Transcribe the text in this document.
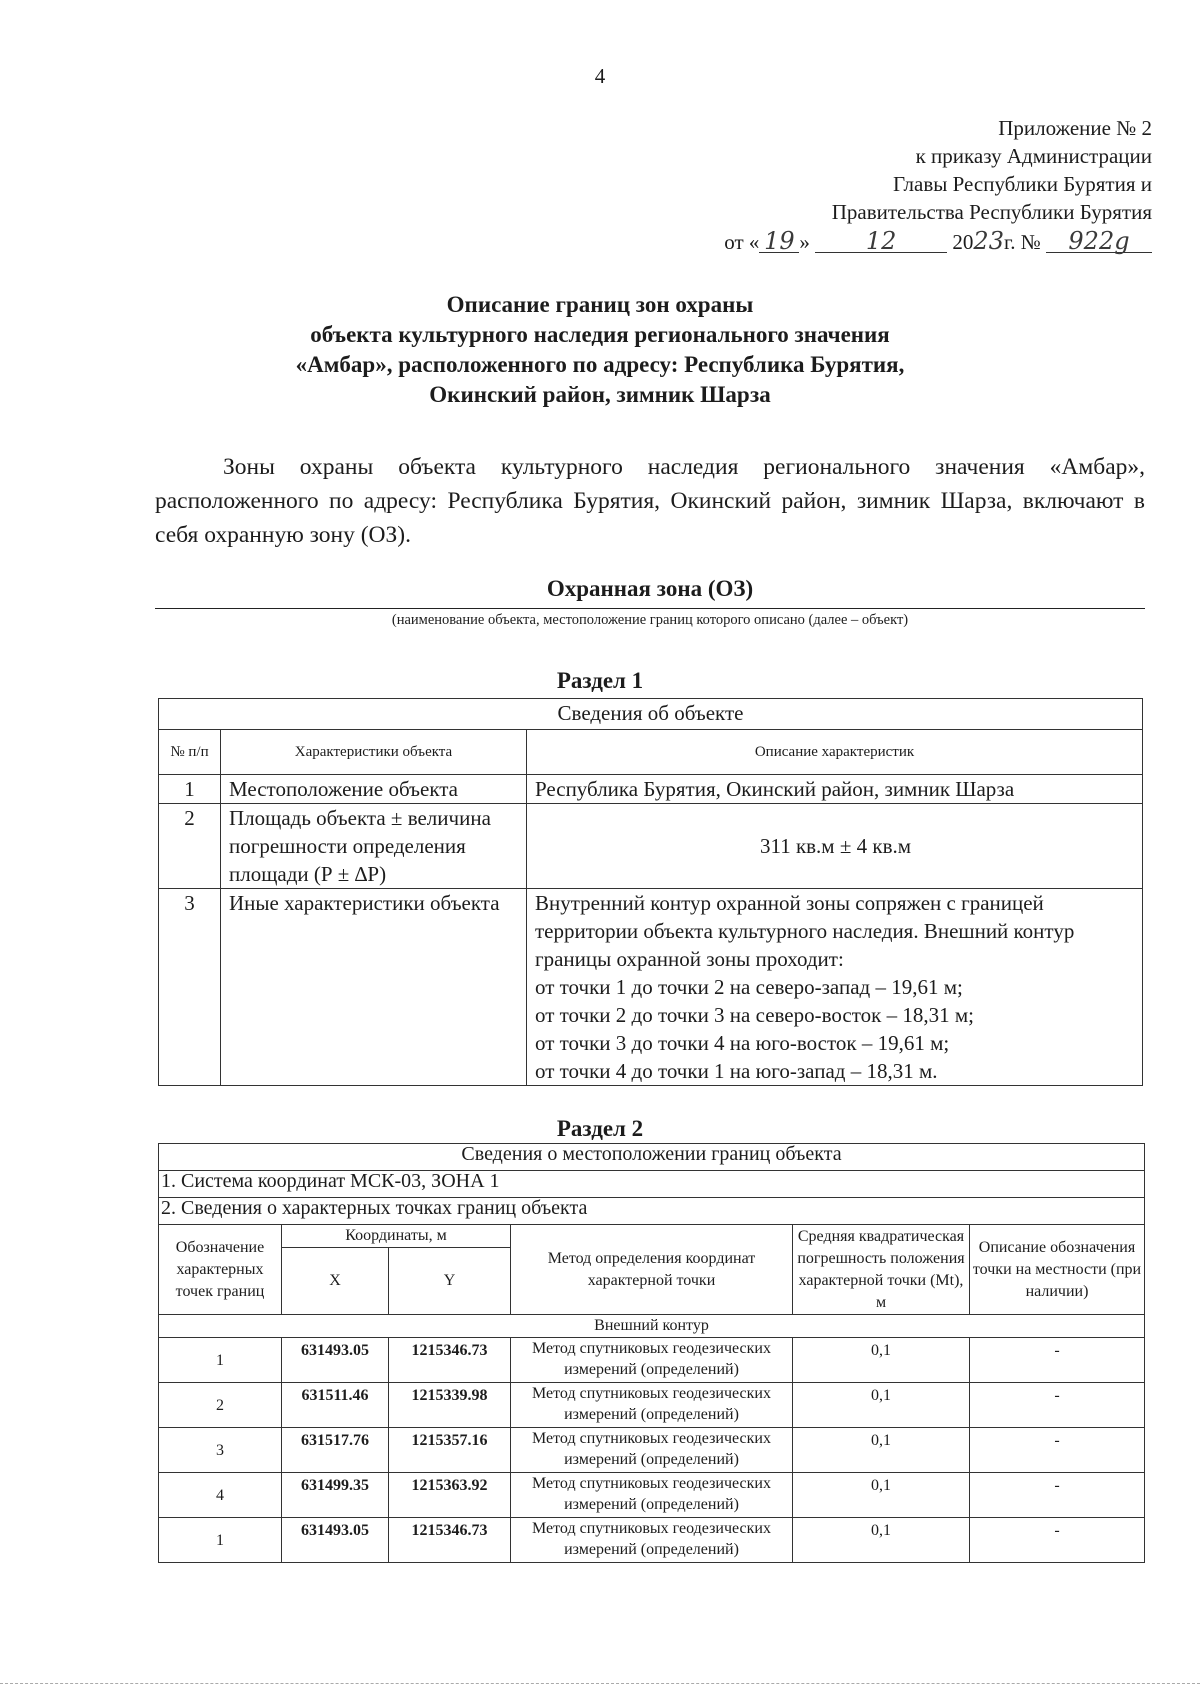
4
Приложение № 2
к приказу Администрации
Главы Республики Бурятия и
Правительства Республики Бурятия
от « 19 » 12	2023г. № 922g
Описание границ зон охраны
объекта культурного наследия регионального значения
«Амбар», расположенного по адресу: Республика Бурятия,
Окинский район, зимник Шарза
Зоны охраны объекта культурного наследия регионального значения «Амбар», расположенного по адресу: Республика Бурятия, Окинский район, зимник Шарза, включают в себя охранную зону (ОЗ).
Охранная зона (ОЗ)
(наименование объекта, местоположение границ которого описано (далее – объект)
Раздел 1
Сведения об объекте		
№ п/п	Характеристики объекта	Описание характеристик
1	Местоположение объекта	Республика Бурятия, Окинский район, зимник Шарза
2	Площадь объекта ± величина погрешности определения площади (Р ± ∆Р)	311 кв.м ± 4 кв.м
3	Иные характеристики объекта	Внутренний контур охранной зоны сопряжен с границей территории объекта культурного наследия. Внешний контур границы охранной зоны проходит:
от точки 1 до точки 2 на северо-запад – 19,61 м;
от точки 2 до точки 3 на северо-восток – 18,31 м;
от точки 3 до точки 4 на юго-восток – 19,61 м;
от точки 4 до точки 1 на юго-запад – 18,31 м.
Раздел 2
Сведения о местоположении границ объекта					
1. Система координат МСК-03, ЗОНА 1					
2. Сведения о характерных точках границ объекта					
Обозначение характерных точек границ	Координаты, м		Метод определения координат характерной точки	Средняя квадратическая погрешность положения характерной точки (Mt), м	Описание обозначения точки на местности (при наличии)
	X	Y			
Внешний контур					
1	631493.05	1215346.73	Метод спутниковых геодезических измерений (определений)	0,1	-
2	631511.46	1215339.98	Метод спутниковых геодезических измерений (определений)	0,1	-
3	631517.76	1215357.16	Метод спутниковых геодезических измерений (определений)	0,1	-
4	631499.35	1215363.92	Метод спутниковых геодезических измерений (определений)	0,1	-
1	631493.05	1215346.73	Метод спутниковых геодезических измерений (определений)	0,1	-
